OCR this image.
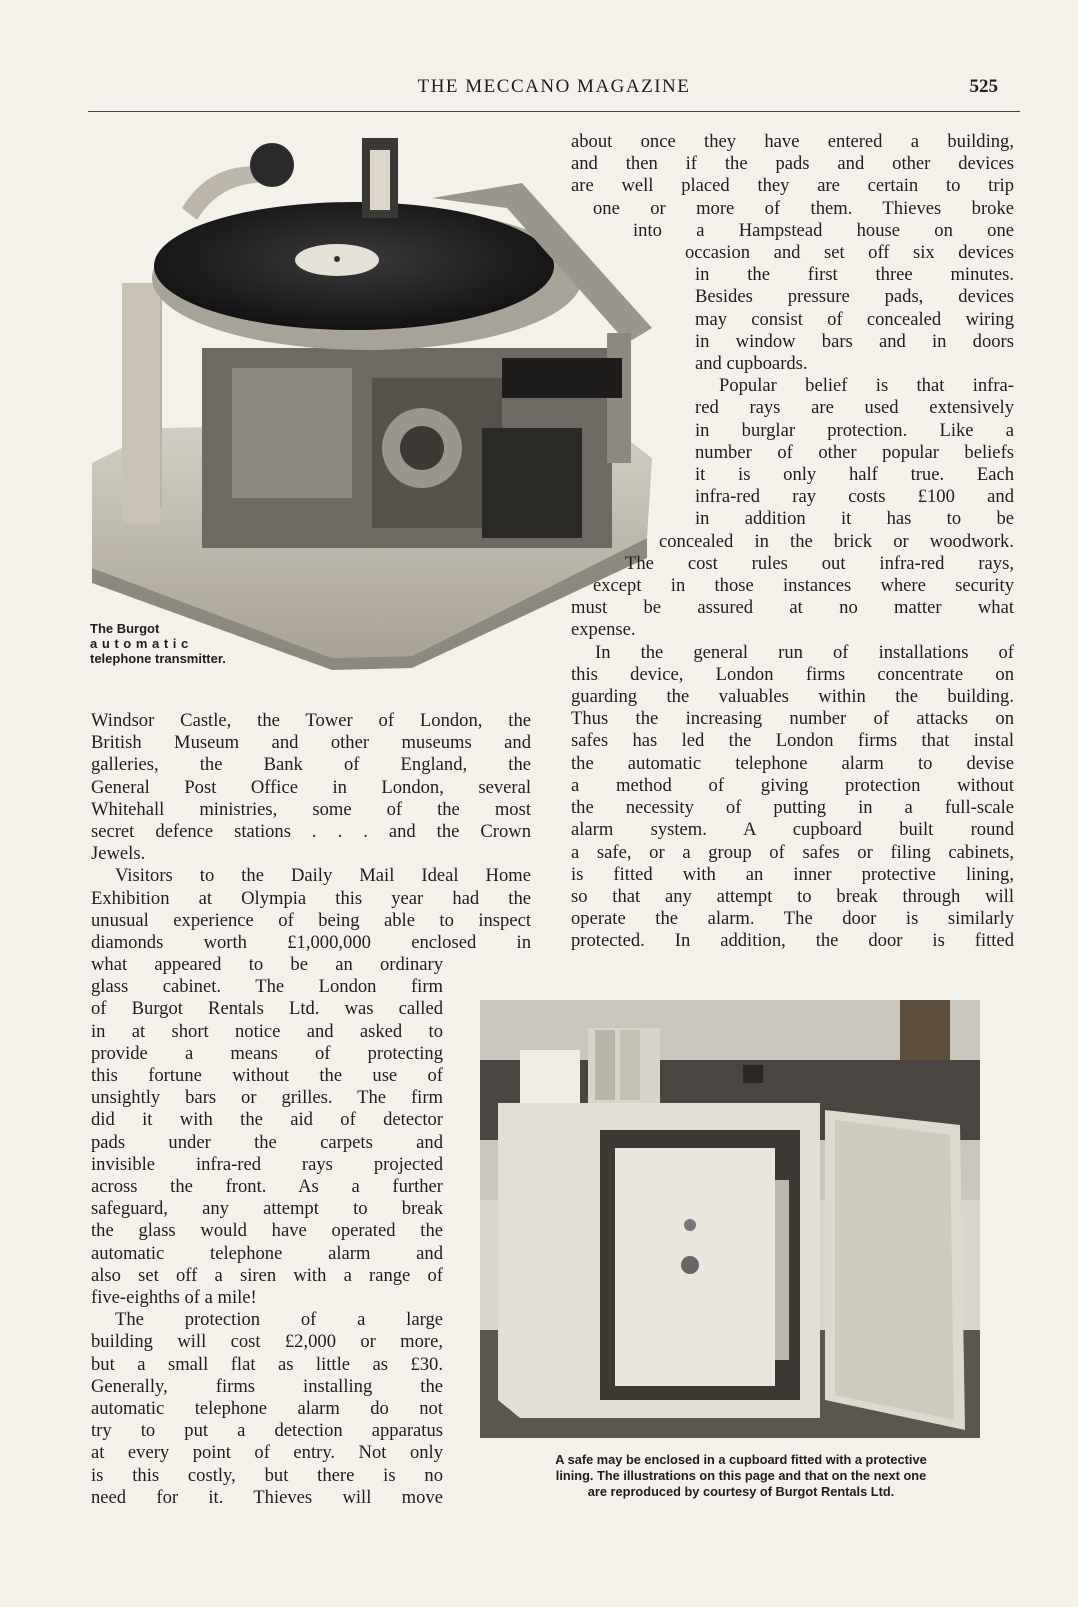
THE MECCANO MAGAZINE	525
The Burgot
automatic
telephone transmitter.
about once they have entered a building,
and then if the pads and other devices
are well placed they are certain to trip
one or more of them. Thieves broke
into a Hampstead house on one
occasion and set off six devices
in the first three minutes.
Besides pressure pads, devices
may consist of concealed wiring
in window bars and in doors
and cupboards.
Popular belief is that infra-
red rays are used extensively
in burglar protection. Like a
number of other popular beliefs
it is only half true. Each
infra-red ray costs £100 and
in addition it has to be
concealed in the brick or woodwork.
The cost rules out infra-red rays,
except in those instances where security
must be assured at no matter what
expense.
In the general run of installations of
this device, London firms concentrate on
guarding the valuables within the building.
Thus the increasing number of attacks on
safes has led the London firms that instal
the automatic telephone alarm to devise
a method of giving protection without
the necessity of putting in a full-scale
alarm system. A cupboard built round
a safe, or a group of safes or filing cabinets,
is fitted with an inner protective lining,
so that any attempt to break through will
operate the alarm. The door is similarly
protected. In addition, the door is fitted
Windsor Castle, the Tower of London, the
British Museum and other museums and
galleries, the Bank of England, the
General Post Office in London, several
Whitehall ministries, some of the most
secret defence stations . . . and the Crown
Jewels.
Visitors to the Daily Mail Ideal Home
Exhibition at Olympia this year had the
unusual experience of being able to inspect
diamonds worth £1,000,000 enclosed in
what appeared to be an ordinary
glass cabinet. The London firm
of Burgot Rentals Ltd. was called
in at short notice and asked to
provide a means of protecting
this fortune without the use of
unsightly bars or grilles. The firm
did it with the aid of detector
pads under the carpets and
invisible infra-red rays projected
across the front. As a further
safeguard, any attempt to break
the glass would have operated the
automatic telephone alarm and
also set off a siren with a range of
five-eighths of a mile!
The protection of a large
building will cost £2,000 or more,
but a small flat as little as £30.
Generally, firms installing the
automatic telephone alarm do not
try to put a detection apparatus
at every point of entry. Not only
is this costly, but there is no
need for it. Thieves will move
A safe may be enclosed in a cupboard fitted with a protective
lining. The illustrations on this page and that on the next one
are reproduced by courtesy of Burgot Rentals Ltd.
